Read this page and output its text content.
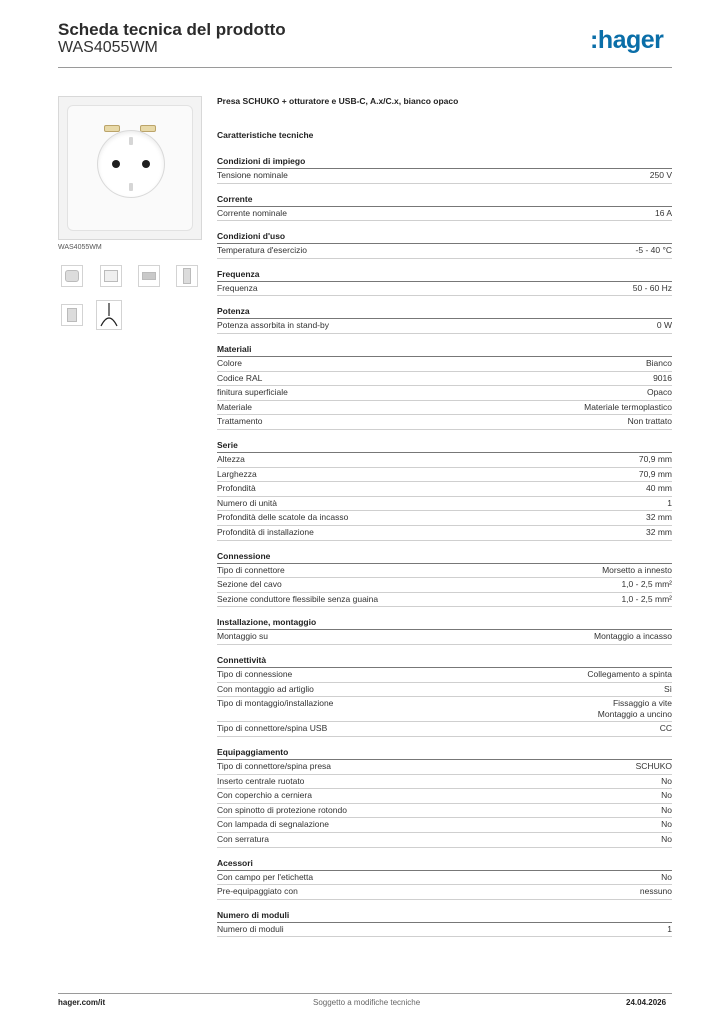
Scheda tecnica del prodotto
WAS4055WM	:hager
WAS4055WM
Presa SCHUKO + otturatore e USB-C, A.x/C.x, bianco opaco
Caratteristiche tecniche
Condizioni di impiego
Tensione nominale	250 V
Corrente
Corrente nominale	16 A
Condizioni d'uso
Temperatura d'esercizio	-5 - 40 °C
Frequenza
Frequenza	50 - 60 Hz
Potenza
Potenza assorbita in stand-by	0 W
Materiali
Colore	Bianco
Codice RAL	9016
finitura superficiale	Opaco
Materiale	Materiale termoplastico
Trattamento	Non trattato
Serie
Altezza	70,9 mm
Larghezza	70,9 mm
Profondità	40 mm
Numero di unità	1
Profondità delle scatole da incasso	32 mm
Profondità di installazione	32 mm
Connessione
Tipo di connettore	Morsetto a innesto
Sezione del cavo	1,0 - 2,5 mm²
Sezione conduttore flessibile senza guaina	1,0 - 2,5 mm²
Installazione, montaggio
Montaggio su	Montaggio a incasso
Connettività
Tipo di connessione	Collegamento a spinta
Con montaggio ad artiglio	Sì
Tipo di montaggio/installazione	Fissaggio a vite
Montaggio a uncino
Tipo di connettore/spina USB	CC
Equipaggiamento
Tipo di connettore/spina presa	SCHUKO
Inserto centrale ruotato	No
Con coperchio a cerniera	No
Con spinotto di protezione rotondo	No
Con lampada di segnalazione	No
Con serratura	No
Acessori
Con campo per l'etichetta	No
Pre-equipaggiato con	nessuno
Numero di moduli
Numero di moduli	1
hager.com/it	Soggetto a modifiche tecniche	24.04.2026
